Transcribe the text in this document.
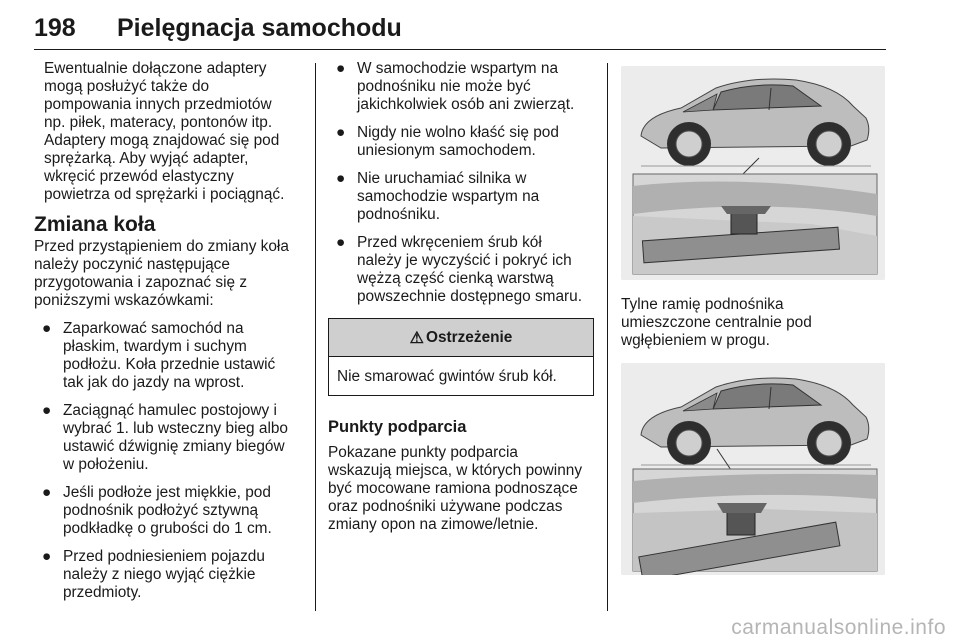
198 Pielęgnacja samochodu
Ewentualnie dołączone adaptery
mogą posłużyć także do
pompowania innych przedmiotów
np. piłek, materacy, pontonów itp.
Adaptery mogą znajdować się pod
sprężarką. Aby wyjąć adapter,
wkręcić przewód elastyczny
powietrza od sprężarki i pociągnąć.
Zmiana koła
Przed przystąpieniem do zmiany koła
należy poczynić następujące
przygotowania i zapoznać się z
poniższymi wskazówkami:
● Zaparkować samochód na
płaskim, twardym i suchym
podłożu. Koła przednie ustawić
tak jak do jazdy na wprost.
● Zaciągnąć hamulec postojowy i
wybrać 1. lub wsteczny bieg albo
ustawić dźwignię zmiany biegów
w położeniu.
● Jeśli podłoże jest miękkie, pod
podnośnik podłożyć sztywną
podkładkę o grubości do 1 cm.
● Przed podniesieniem pojazdu
należy z niego wyjąć ciężkie
przedmioty.
● W samochodzie wspartym na
podnośniku nie może być
jakichkolwiek osób ani zwierząt.
● Nigdy nie wolno kłaść się pod
uniesionym samochodem.
● Nie uruchamiać silnika w
samochodzie wspartym na
podnośniku.
● Przed wkręceniem śrub kół
należy je wyczyścić i pokryć ich
wężzą część cienką warstwą
powszechnie dostępnego smaru.
⚠ Ostrzeżenie
Nie smarować gwintów śrub kół.
Punkty podparcia
Pokazane punkty podparcia
wskazują miejsca, w których powinny
być mocowane ramiona podnoszące
oraz podnośniki używane podczas
zmiany opon na zimowe/letnie.
Tylne ramię podnośnika
umieszczone centralnie pod
wgłębieniem w progu.
carmanualsonline.info
